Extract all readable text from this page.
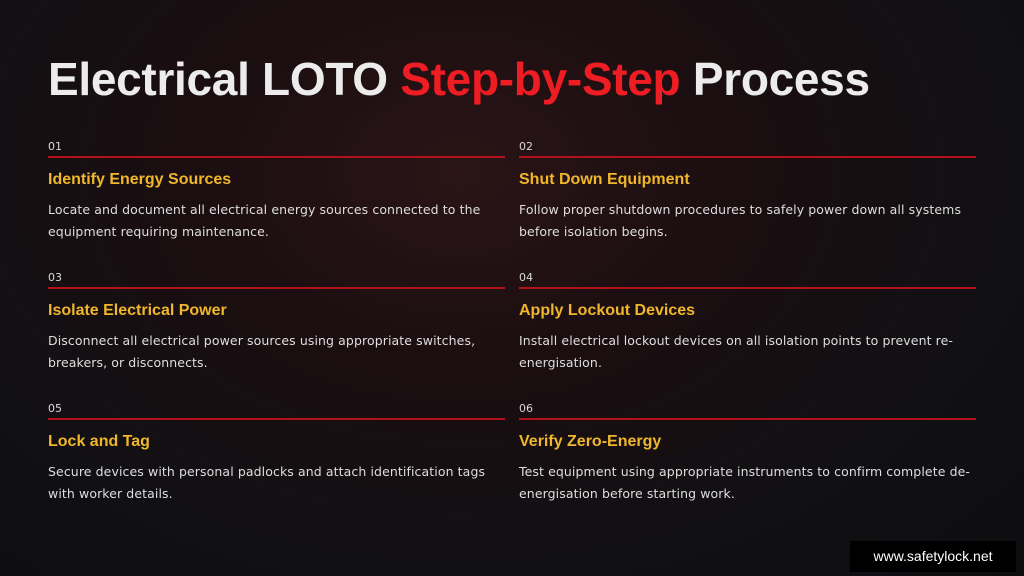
Electrical LOTO Step-by-Step Process
01
Identify Energy Sources
Locate and document all electrical energy sources connected to the equipment requiring maintenance.
02
Shut Down Equipment
Follow proper shutdown procedures to safely power down all systems before isolation begins.
03
Isolate Electrical Power
Disconnect all electrical power sources using appropriate switches, breakers, or disconnects.
04
Apply Lockout Devices
Install electrical lockout devices on all isolation points to prevent re-energisation.
05
Lock and Tag
Secure devices with personal padlocks and attach identification tags with worker details.
06
Verify Zero-Energy
Test equipment using appropriate instruments to confirm complete de-energisation before starting work.
www.safetylock.net
